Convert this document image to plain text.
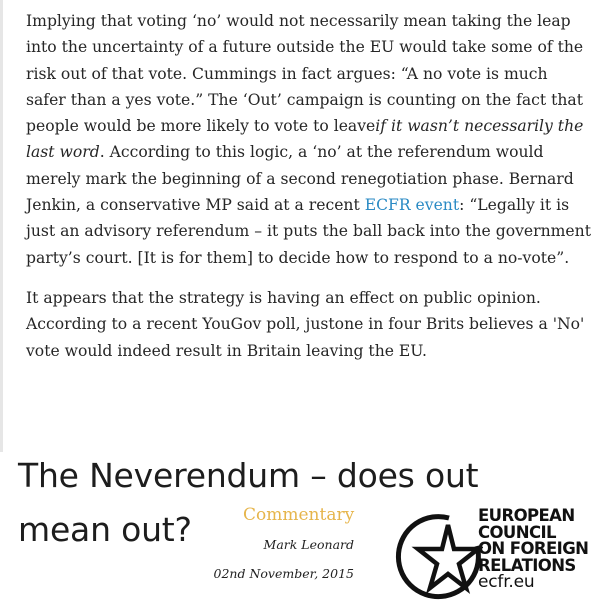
Implying that voting ‘no’ would not necessarily mean taking the leap into the uncertainty of a future outside the EU would take some of the risk out of that vote. Cummings in fact argues: “A no vote is much safer than a yes vote.” The ‘Out’ campaign is counting on the fact that people would be more likely to vote to leaveif it wasn’t necessarily the last word. According to this logic, a ‘no’ at the referendum would merely mark the beginning of a second renegotiation phase. Bernard Jenkin, a conservative MP said at a recent ECFR event: “Legally it is just an advisory referendum – it puts the ball back into the government party’s court. [It is for them] to decide how to respond to a no-vote”.

It appears that the strategy is having an effect on public opinion. According to a recent YouGov poll, justone in four Brits believes a 'No' vote would indeed result in Britain leaving the EU.

The Neverendum – does out mean out?	Commentary
Mark Leonard
02nd November, 2015
EUROPEAN
COUNCIL
ON FOREIGN
RELATIONS
ecfr.eu
